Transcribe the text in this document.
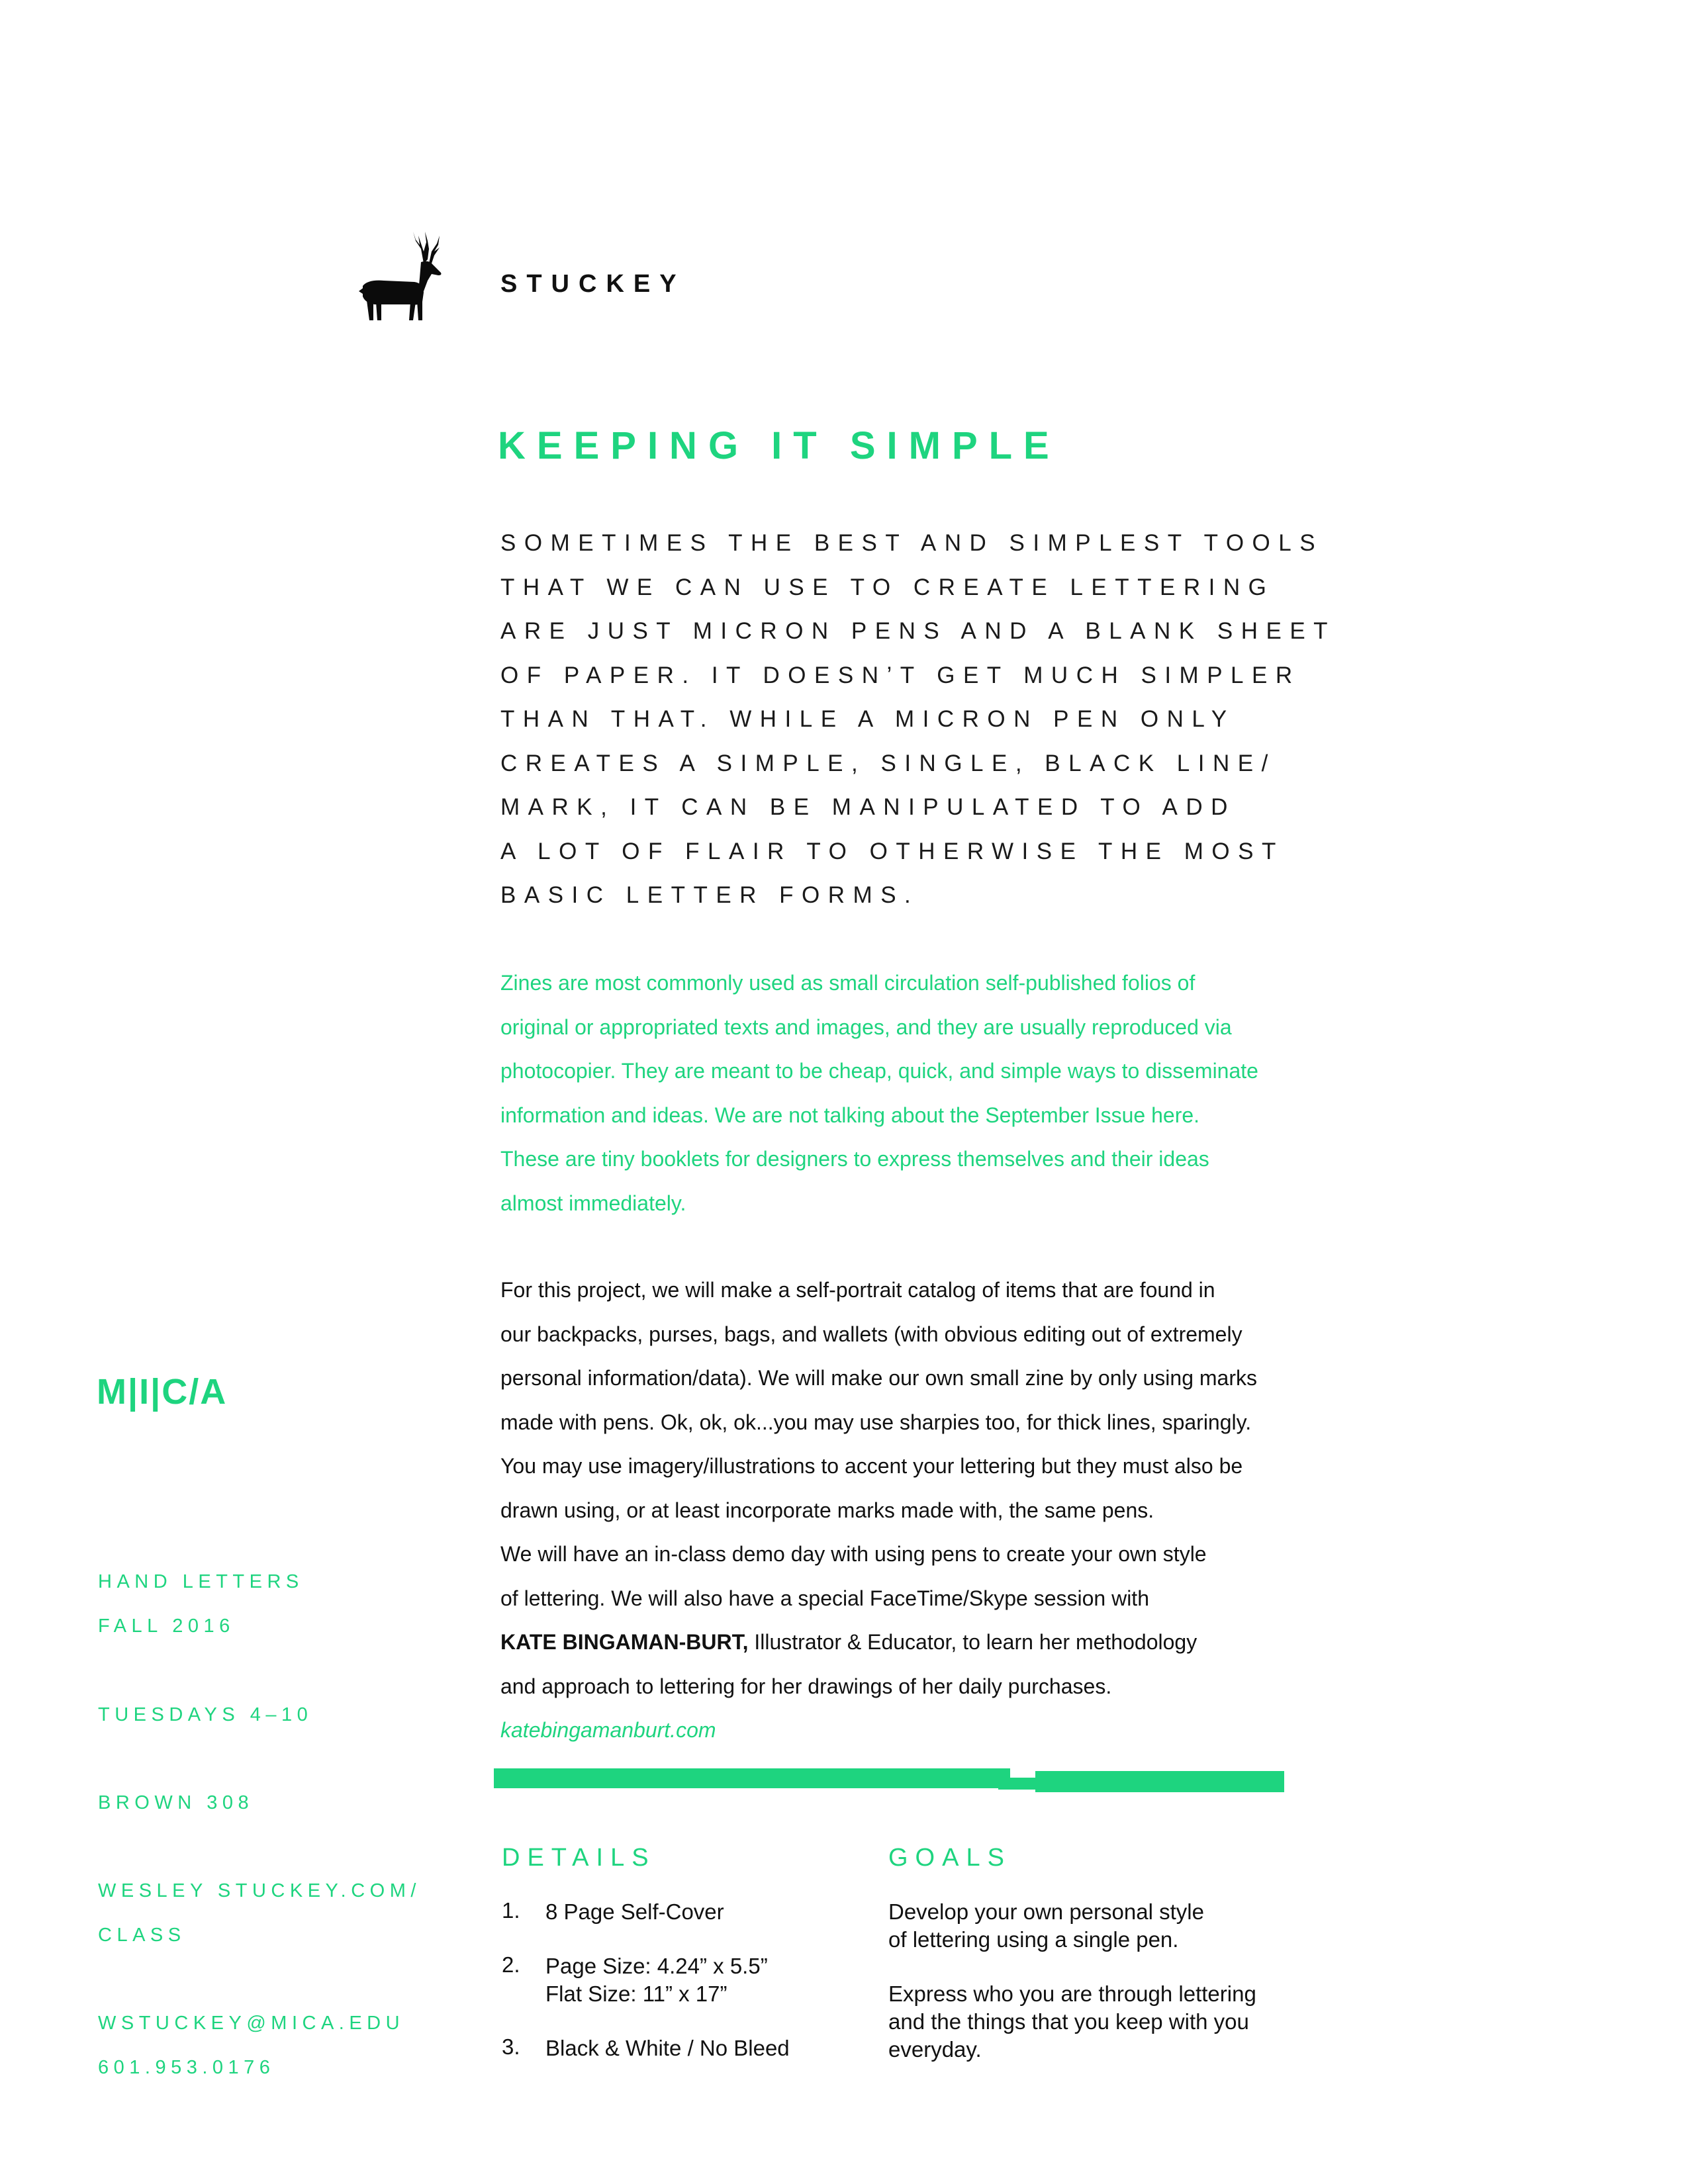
STUCKEY
KEEPING IT SIMPLE
SOMETIMES THE BEST AND SIMPLEST TOOLS
THAT WE CAN USE TO CREATE LETTERING
ARE JUST MICRON PENS AND A BLANK SHEET
OF PAPER. IT DOESN’T GET MUCH SIMPLER
THAN THAT. WHILE A MICRON PEN ONLY
CREATES A SIMPLE, SINGLE, BLACK LINE/
MARK, IT CAN BE MANIPULATED TO ADD
A LOT OF FLAIR TO OTHERWISE THE MOST
BASIC LETTER FORMS.
Zines are most commonly used as small circulation self-published folios of
original or appropriated texts and images, and they are usually reproduced via
photocopier. They are meant to be cheap, quick, and simple ways to disseminate
information and ideas. We are not talking about the September Issue here.
These are tiny booklets for designers to express themselves and their ideas
almost immediately.
For this project, we will make a self-portrait catalog of items that are found in
our backpacks, purses, bags, and wallets (with obvious editing out of extremely
personal information/data). We will make our own small zine by only using marks
made with pens. Ok, ok, ok...you may use sharpies too, for thick lines, sparingly.
You may use imagery/illustrations to accent your lettering but they must also be
drawn using, or at least incorporate marks made with, the same pens.
We will have an in-class demo day with using pens to create your own style
of lettering. We will also have a special FaceTime/Skype session with
KATE BINGAMAN-BURT, Illustrator & Educator, to learn her methodology
and approach to lettering for her drawings of her daily purchases.
katebingamanburt.com
DETAILS
1. 8 Page Self-Cover
2. Page Size: 4.24” x 5.5”
Flat Size: 11” x 17”
3. Black & White / No Bleed
GOALS
Develop your own personal style
of lettering using a single pen.
Express who you are through lettering
and the things that you keep with you
everyday.
M|I|C/A
HAND LETTERS
FALL 2016
TUESDAYS 4–10
BROWN 308
WESLEY STUCKEY.COM/
CLASS
WSTUCKEY@MICA.EDU
601.953.0176
